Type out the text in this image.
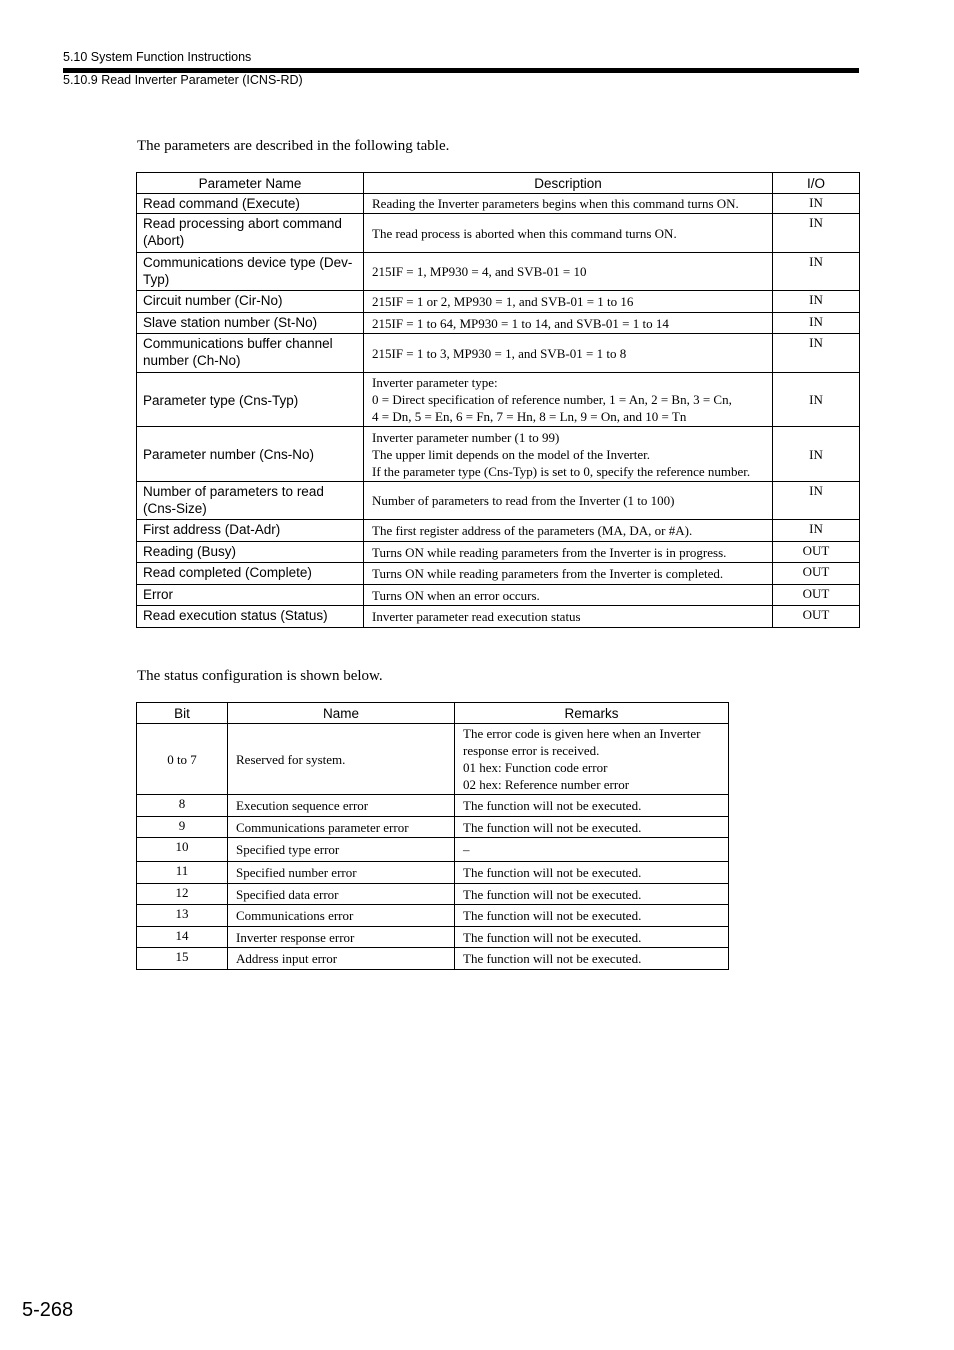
5.10 System Function Instructions
5.10.9 Read Inverter Parameter (ICNS-RD)
The parameters are described in the following table.
Parameter Name	Description	I/O
Read command (Execute)	Reading the Inverter parameters begins when this command turns ON.	IN
Read processing abort command (Abort)	The read process is aborted when this command turns ON.	IN
Communications device type (Dev-Typ)	215IF = 1, MP930 = 4, and SVB-01 = 10	IN
Circuit number (Cir-No)	215IF = 1 or 2, MP930 = 1, and SVB-01 = 1 to 16	IN
Slave station number (St-No)	215IF = 1 to 64, MP930 = 1 to 14, and SVB-01 = 1 to 14	IN
Communications buffer channel number (Ch-No)	215IF = 1 to 3, MP930 = 1, and SVB-01 = 1 to 8	IN
Parameter type (Cns-Typ)	Inverter parameter type:
0 = Direct specification of reference number, 1 = An, 2 = Bn, 3 = Cn,
4 = Dn, 5 = En, 6 = Fn, 7 = Hn, 8 = Ln, 9 = On, and 10 = Tn	IN
Parameter number (Cns-No)	Inverter parameter number (1 to 99)
The upper limit depends on the model of the Inverter.
If the parameter type (Cns-Typ) is set to 0, specify the reference number.	IN
Number of parameters to read (Cns-Size)	Number of parameters to read from the Inverter (1 to 100)	IN
First address (Dat-Adr)	The first register address of the parameters (MA, DA, or #A).	IN
Reading (Busy)	Turns ON while reading parameters from the Inverter is in progress.	OUT
Read completed (Complete)	Turns ON while reading parameters from the Inverter is completed.	OUT
Error	Turns ON when an error occurs.	OUT
Read execution status (Status)	Inverter parameter read execution status	OUT
The status configuration is shown below.
Bit	Name	Remarks
0 to 7	Reserved for system.	The error code is given here when an Inverter
response error is received.
01 hex: Function code error
02 hex: Reference number error

8	Execution sequence error	The function will not be executed.
9	Communications parameter error	The function will not be executed.
10	Specified type error	–
11	Specified number error	The function will not be executed.
12	Specified data error	The function will not be executed.
13	Communications error	The function will not be executed.
14	Inverter response error	The function will not be executed.
15	Address input error	The function will not be executed.
5-268
